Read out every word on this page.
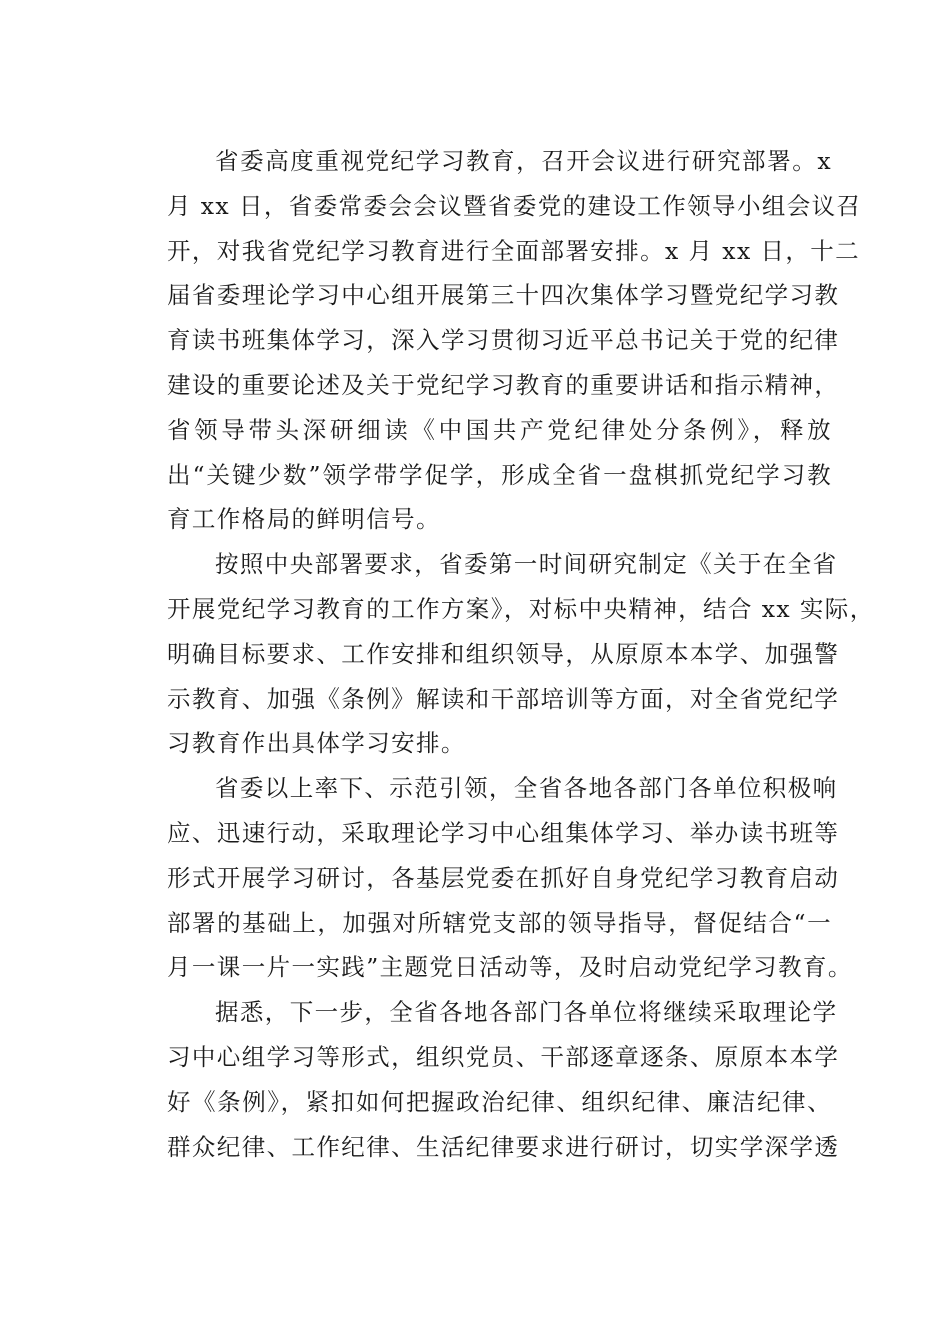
省委高度重视党纪学习教育，召开会议进行研究部署。x
月 xx 日，省委常委会会议暨省委党的建设工作领导小组会议召
开，对我省党纪学习教育进行全面部署安排。x 月 xx 日，十二
届省委理论学习中心组开展第三十四次集体学习暨党纪学习教
育读书班集体学习，深入学习贯彻习近平总书记关于党的纪律
建设的重要论述及关于党纪学习教育的重要讲话和指示精神，
省领导带头深研细读《中国共产党纪律处分条例》，释放
出“关键少数”领学带学促学，形成全省一盘棋抓党纪学习教
育工作格局的鲜明信号。
按照中央部署要求，省委第一时间研究制定《关于在全省
开展党纪学习教育的工作方案》，对标中央精神，结合 xx 实际，
明确目标要求、工作安排和组织领导，从原原本本学、加强警
示教育、加强《条例》解读和干部培训等方面，对全省党纪学
习教育作出具体学习安排。
省委以上率下、示范引领，全省各地各部门各单位积极响
应、迅速行动，采取理论学习中心组集体学习、举办读书班等
形式开展学习研讨，各基层党委在抓好自身党纪学习教育启动
部署的基础上，加强对所辖党支部的领导指导，督促结合“一
月一课一片一实践”主题党日活动等，及时启动党纪学习教育。
据悉，下一步，全省各地各部门各单位将继续采取理论学
习中心组学习等形式，组织党员、干部逐章逐条、原原本本学
好《条例》，紧扣如何把握政治纪律、组织纪律、廉洁纪律、
群众纪律、工作纪律、生活纪律要求进行研讨，切实学深学透
